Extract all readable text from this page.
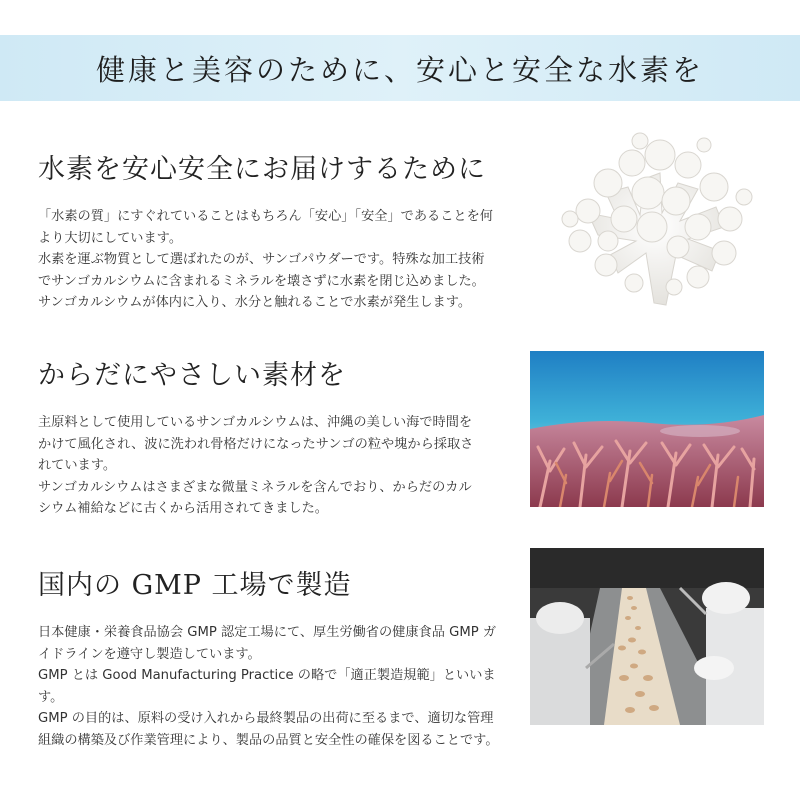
健康と美容のために、安心と安全な水素を
水素を安心安全にお届けするために

「水素の質」にすぐれていることはもちろん「安心」「安全」であることを何
より大切にしています。
水素を運ぶ物質として選ばれたのが、サンゴパウダーです。特殊な加工技術
でサンゴカルシウムに含まれるミネラルを壊さずに水素を閉じ込めました。
サンゴカルシウムが体内に入り、水分と触れることで水素が発生します。

からだにやさしい素材を

主原料として使用しているサンゴカルシウムは、沖縄の美しい海で時間を
かけて風化され、波に洗われ骨格だけになったサンゴの粒や塊から採取さ
れています。
サンゴカルシウムはさまざまな微量ミネラルを含んでおり、からだのカル
シウム補給などに古くから活用されてきました。

国内の GMP 工場で製造

日本健康・栄養食品協会 GMP 認定工場にて、厚生労働省の健康食品 GMP ガ
イドラインを遵守し製造しています。
GMP とは Good Manufacturing Practice の略で「適正製造規範」といいます。
GMP の目的は、原料の受け入れから最終製品の出荷に至るまで、適切な管理
組織の構築及び作業管理により、製品の品質と安全性の確保を図ることです。
